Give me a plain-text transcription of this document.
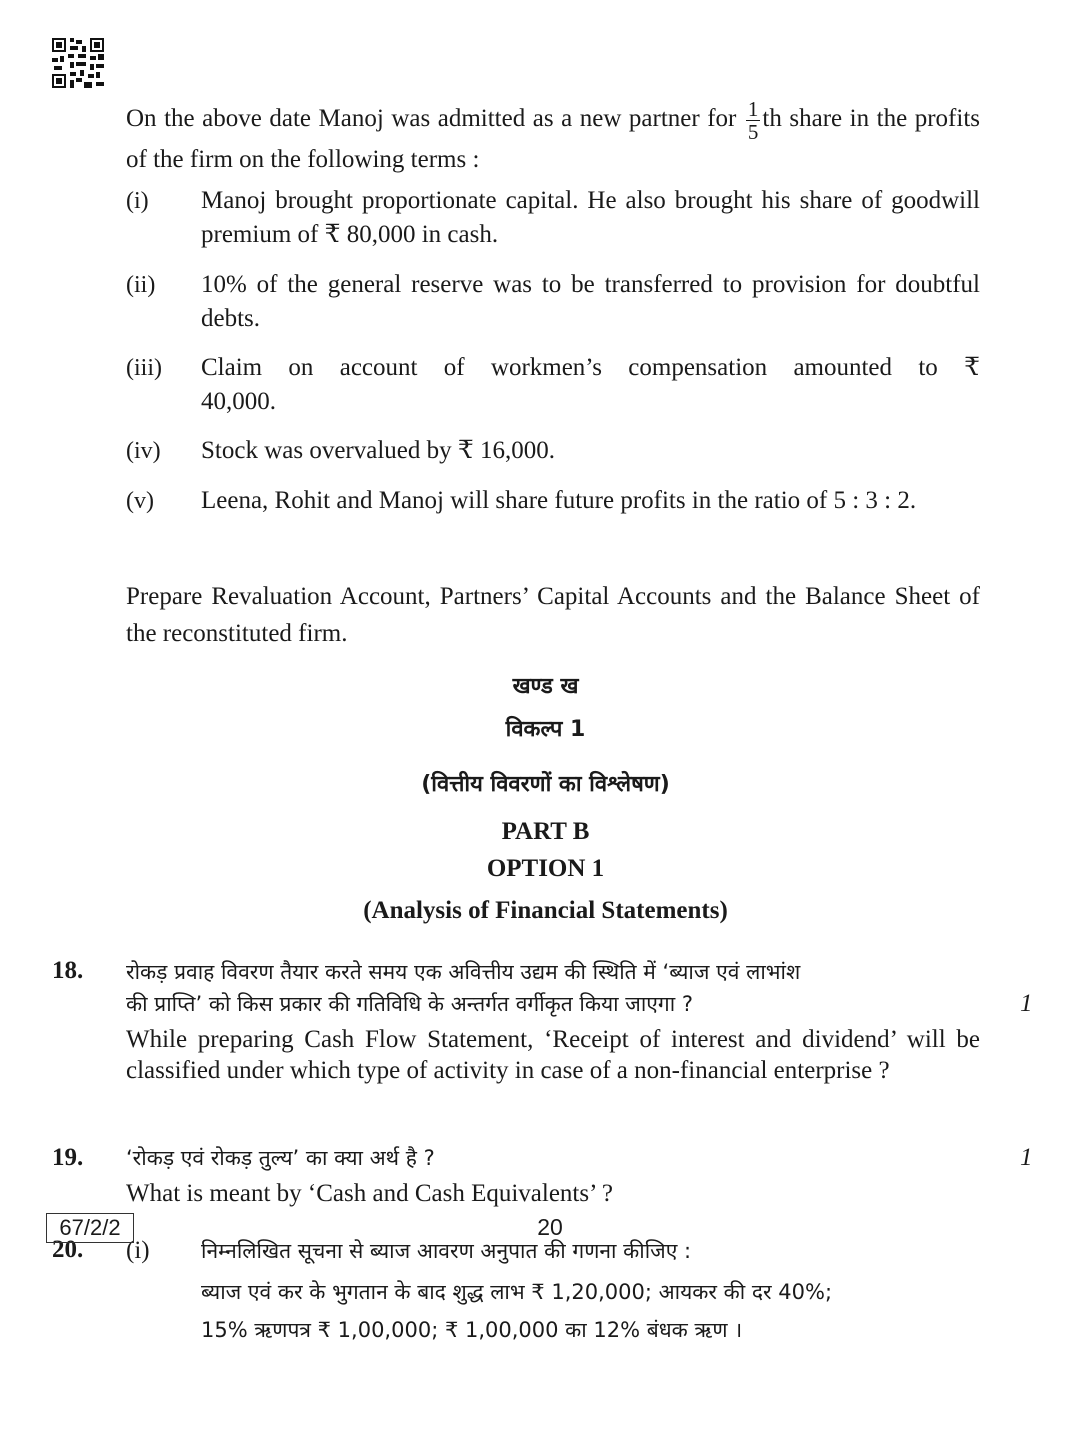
On the above date Manoj was admitted as a new partner for $\frac{1}{5}$ th share in the profits of the firm on the following terms :
(i) Manoj brought proportionate capital. He also brought his share of goodwill premium of ₹ 80,000 in cash.
(ii) 10% of the general reserve was to be transferred to provision for doubtful debts.
(iii) Claim on account of workmen’s compensation amounted to ₹ 40,000.
(iv) Stock was overvalued by ₹ 16,000.
(v) Leena, Rohit and Manoj will share future profits in the ratio of 5 : 3 : 2.
Prepare Revaluation Account, Partners’ Capital Accounts and the Balance Sheet of the reconstituted firm.
खण्ड ख
विकल्प 1
(वित्तीय विवरणों का विश्लेषण)
PART B
OPTION 1
(Analysis of Financial Statements)
18. रोकड़ प्रवाह विवरण तैयार करते समय एक अवित्तीय उद्यम की स्थिति में ‘ब्याज एवं लाभांश
की प्राप्ति’ को किस प्रकार की गतिविधि के अन्तर्गत वर्गीकृत किया जाएगा ?	1
While preparing Cash Flow Statement, ‘Receipt of interest and dividend’ will be classified under which type of activity in case of a non-financial enterprise ?
19. ‘रोकड़ एवं रोकड़ तुल्य’ का क्या अर्थ है ?	1
What is meant by ‘Cash and Cash Equivalents’ ?
20. (i) निम्नलिखित सूचना से ब्याज आवरण अनुपात की गणना कीजिए :
ब्याज एवं कर के भुगतान के बाद शुद्ध लाभ ₹ 1,20,000; आयकर की दर 40%;
15% ऋणपत्र ₹ 1,00,000; ₹ 1,00,000 का 12% बंधक ऋण ।
67/2/2	20
